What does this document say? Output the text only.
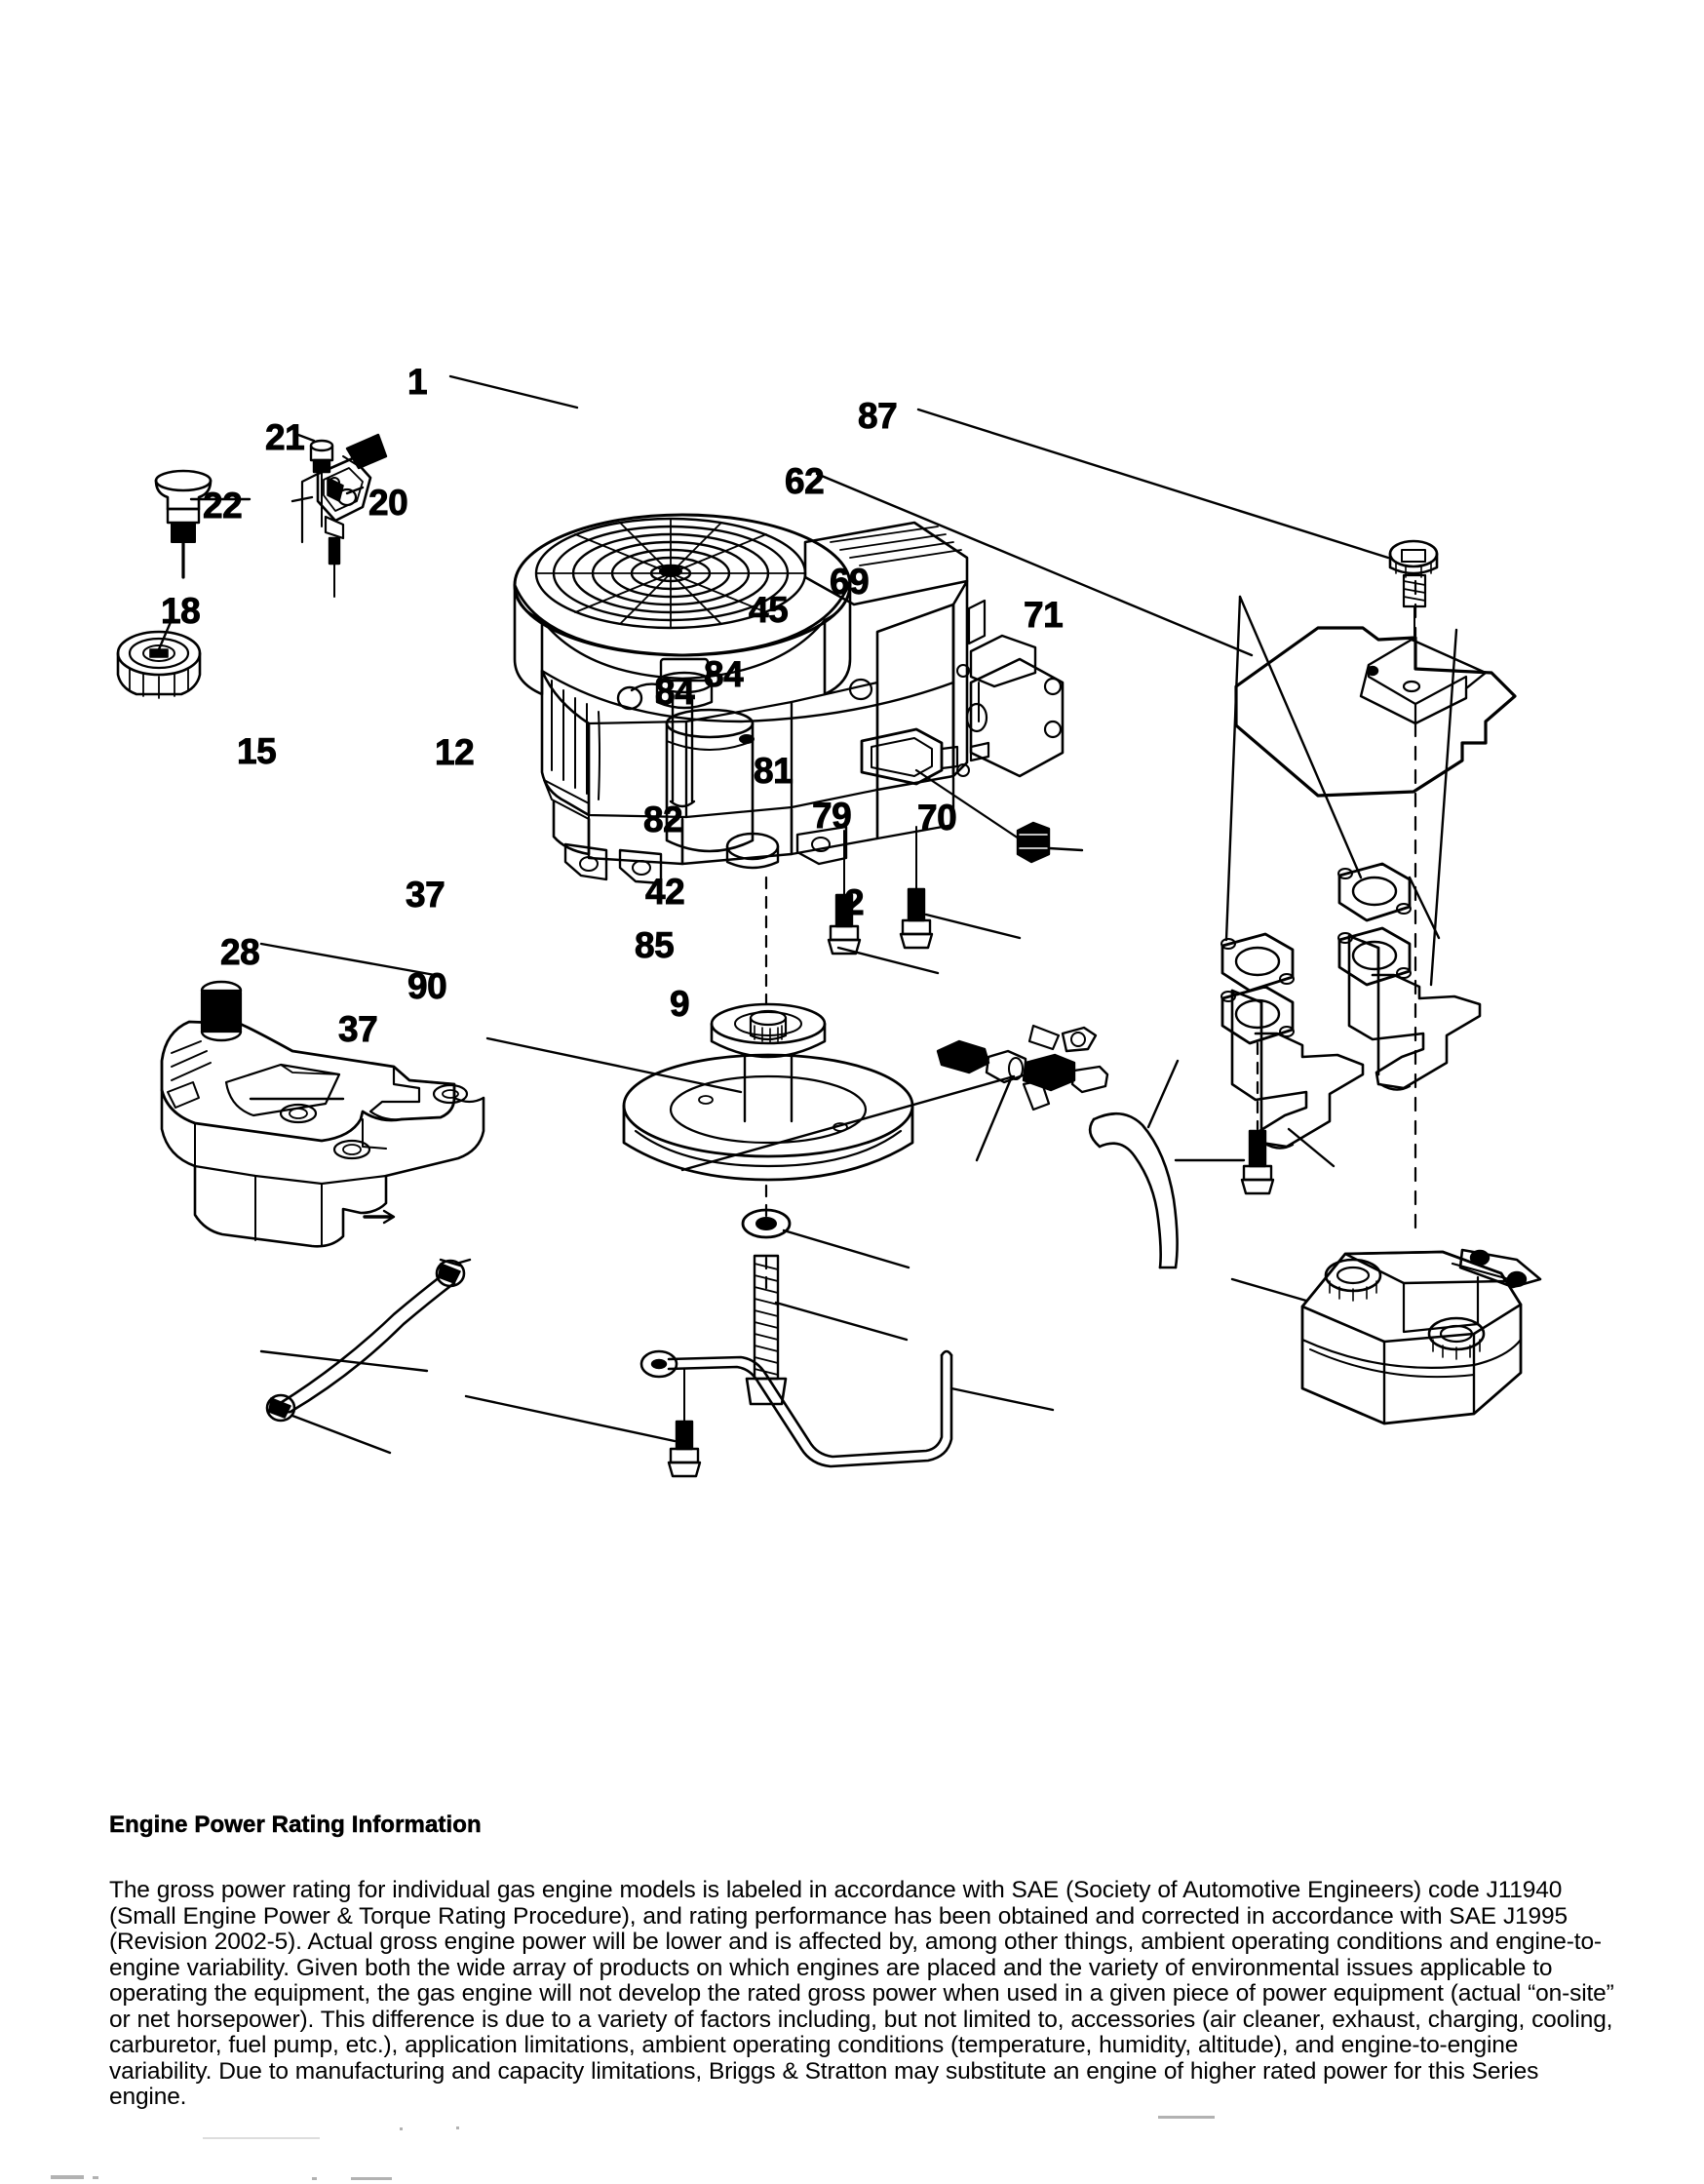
1
21
22	20
18
15
87
62
69
71
45
84 84
12	81
82	79 70
42
37	2
85
28
90	9
37
Engine Power Rating Information

The gross power rating for individual gas engine models is labeled in accordance with SAE (Society of Automotive Engineers) code J11940 (Small Engine Power & Torque Rating Procedure), and rating performance has been obtained and corrected in accordance with SAE J1995 (Revision 2002-5). Actual gross engine power will be lower and is affected by, among other things, ambient operating conditions and engine-to-engine variability. Given both the wide array of products on which engines are placed and the variety of environmental issues applicable to operating the equipment, the gas engine will not develop the rated gross power when used in a given piece of power equipment (actual “on-site” or net horsepower). This difference is due to a variety of factors including, but not limited to, accessories (air cleaner, exhaust, charging, cooling, carburetor, fuel pump, etc.), application limitations, ambient operating conditions (temperature, humidity, altitude), and engine-to-engine variability. Due to manufacturing and capacity limitations, Briggs & Stratton may substitute an engine of higher rated power for this Series engine.
